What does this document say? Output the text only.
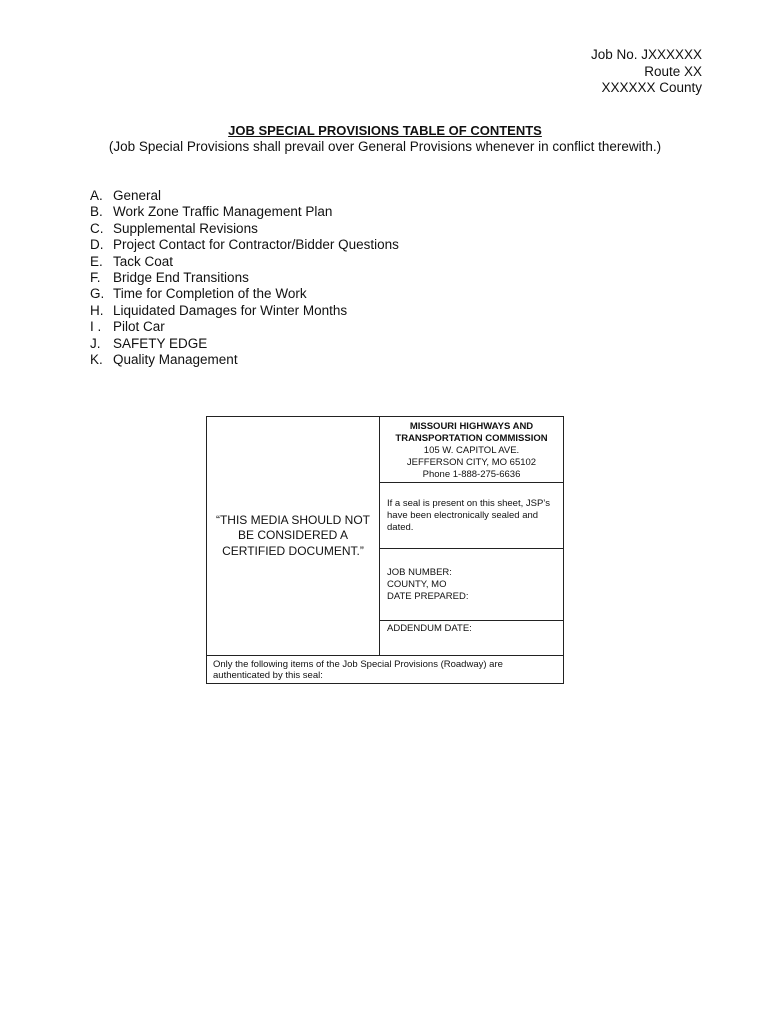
Job No. JXXXXXX
Route XX
XXXXXX County
JOB SPECIAL PROVISIONS TABLE OF CONTENTS
(Job Special Provisions shall prevail over General Provisions whenever in conflict therewith.)
A. General
B. Work Zone Traffic Management Plan
C. Supplemental Revisions
D. Project Contact for Contractor/Bidder Questions
E. Tack Coat
F. Bridge End Transitions
G. Time for Completion of the Work
H. Liquidated Damages for Winter Months
I . Pilot Car
J. SAFETY EDGE
K. Quality Management
“THIS MEDIA SHOULD NOT BE CONSIDERED A CERTIFIED DOCUMENT.”
MISSOURI HIGHWAYS AND
TRANSPORTATION COMMISSION
105 W. CAPITOL AVE.
JEFFERSON CITY, MO 65102
Phone 1-888-275-6636
If a seal is present on this sheet, JSP’s have been electronically sealed and dated.
JOB NUMBER:
COUNTY, MO
DATE PREPARED:
ADDENDUM DATE:
Only the following items of the Job Special Provisions (Roadway) are authenticated by this seal:
